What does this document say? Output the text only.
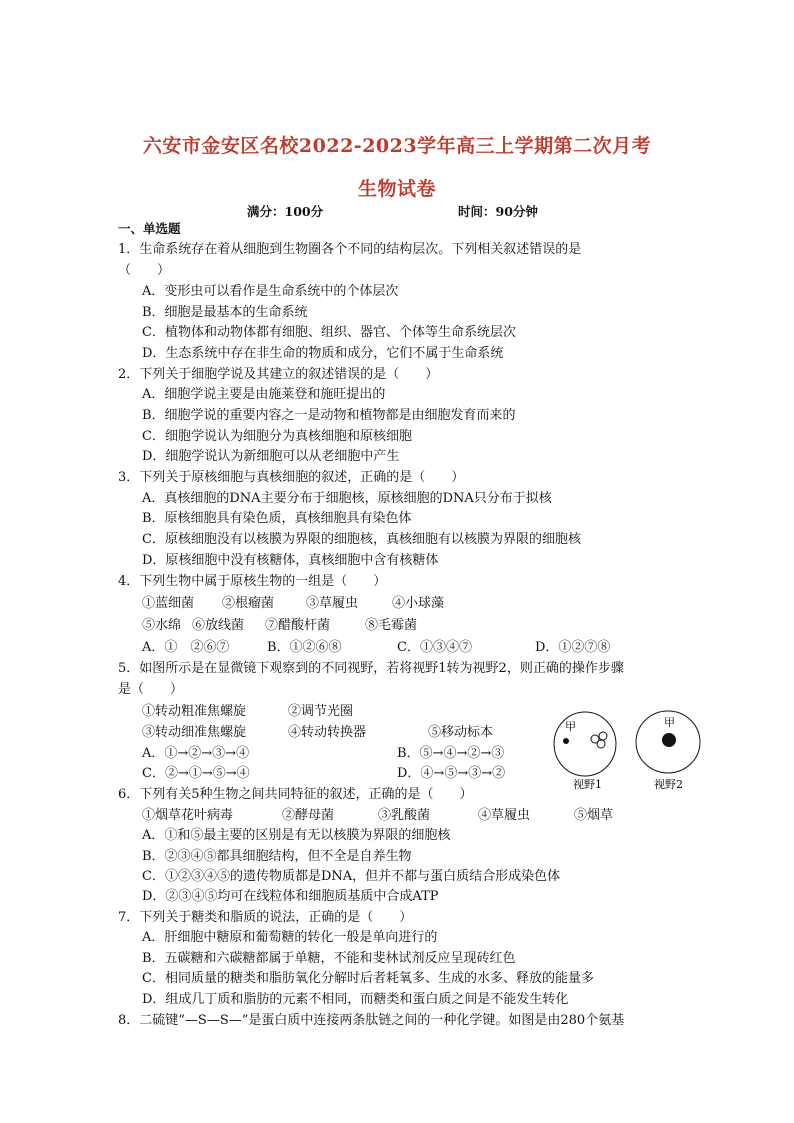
六安市金安区名校2022-2023学年高三上学期第二次月考
生物试卷
满分：100分	时间：90分钟
一、单选题
1．生命系统存在着从细胞到生物圈各个不同的结构层次。下列相关叙述错误的是
（　　）
A．变形虫可以看作是生命系统中的个体层次
B．细胞是最基本的生命系统
C．植物体和动物体都有细胞、组织、器官、个体等生命系统层次
D．生态系统中存在非生命的物质和成分，它们不属于生命系统
2．下列关于细胞学说及其建立的叙述错误的是（　　）
A．细胞学说主要是由施莱登和施旺提出的
B．细胞学说的重要内容之一是动物和植物都是由细胞发育而来的
C．细胞学说认为细胞分为真核细胞和原核细胞
D．细胞学说认为新细胞可以从老细胞中产生
3．下列关于原核细胞与真核细胞的叙述，正确的是（　　）
A．真核细胞的DNA主要分布于细胞核，原核细胞的DNA只分布于拟核
B．原核细胞具有染色质，真核细胞具有染色体
C．原核细胞没有以核膜为界限的细胞核，真核细胞有以核膜为界限的细胞核
D．原核细胞中没有核糖体，真核细胞中含有核糖体
4．下列生物中属于原核生物的一组是（　　）
①蓝细菌 ②根瘤菌 ③草履虫	④小球藻
⑤水绵 ⑥放线菌 ⑦醋酸杆菌	⑧毛霉菌
A．①　②⑥⑦	B．①②⑥⑧	C．①③④⑦	D．①②⑦⑧
5．如图所示是在显微镜下观察到的不同视野，若将视野1转为视野2，则正确的操作步骤
是（　　）
①转动粗准焦螺旋	②调节光圈
③转动细准焦螺旋	④转动转换器	⑤移动标本
A．①→②→③→④	B．⑤→④→②→③
C．②→①→⑤→④	D．④→⑤→③→②
甲
视野1
甲
视野2
6．下列有关5种生物之间共同特征的叙述，正确的是（　　）
①烟草花叶病毒	②酵母菌	③乳酸菌	④草履虫	⑤烟草
A．①和⑤最主要的区别是有无以核膜为界限的细胞核
B．②③④⑤都具细胞结构，但不全是自养生物
C．①②③④⑤的遗传物质都是DNA，但并不都与蛋白质结合形成染色体
D．②③④⑤均可在线粒体和细胞质基质中合成ATP
7．下列关于糖类和脂质的说法，正确的是（　　）
A．肝细胞中糖原和葡萄糖的转化一般是单向进行的
B．五碳糖和六碳糖都属于单糖，不能和斐林试剂反应呈现砖红色
C．相同质量的糖类和脂肪氧化分解时后者耗氧多、生成的水多、释放的能量多
D．组成几丁质和脂肪的元素不相同，而糖类和蛋白质之间是不能发生转化
8．二硫键“—S—S—”是蛋白质中连接两条肽链之间的一种化学键。如图是由280个氨基
